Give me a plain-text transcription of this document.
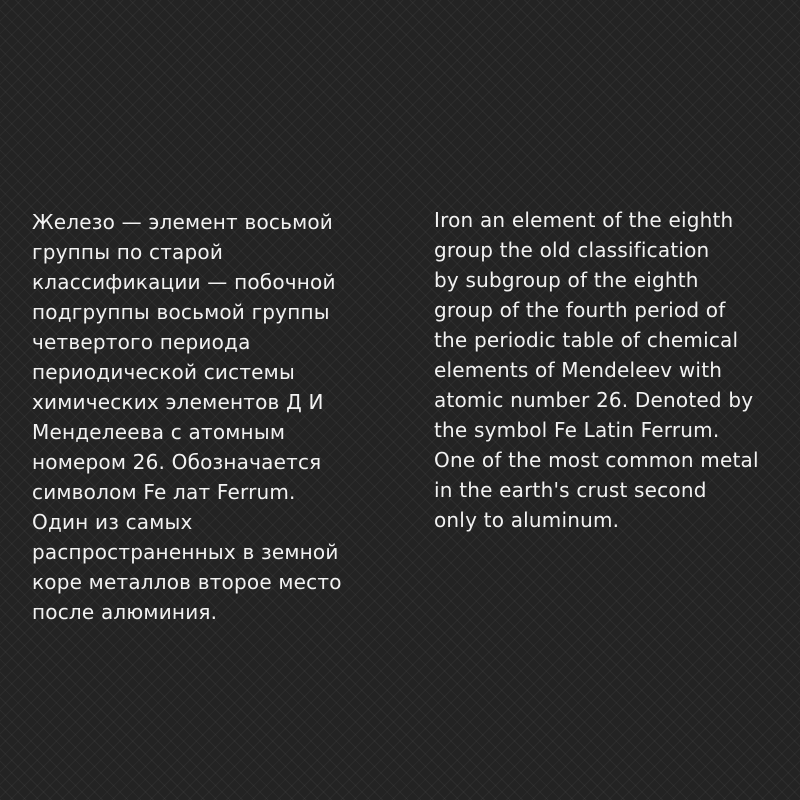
Железо — элемент восьмой
группы по старой
классификации — побочной
подгруппы восьмой группы
четвертого периода
периодической системы
химических элементов Д И
Менделеева с атомным
номером 26. Обозначается
символом Fe лат Ferrum.
Один из самых
распространенных в земной
коре металлов второе место
после алюминия.
Iron an element of the eighth
group the old classification
by subgroup of the eighth
group of the fourth period of
the periodic table of chemical
elements of Mendeleev with
atomic number 26. Denoted by
the symbol Fe Latin Ferrum.
One of the most common metal
in the earth's crust second
only to aluminum.
